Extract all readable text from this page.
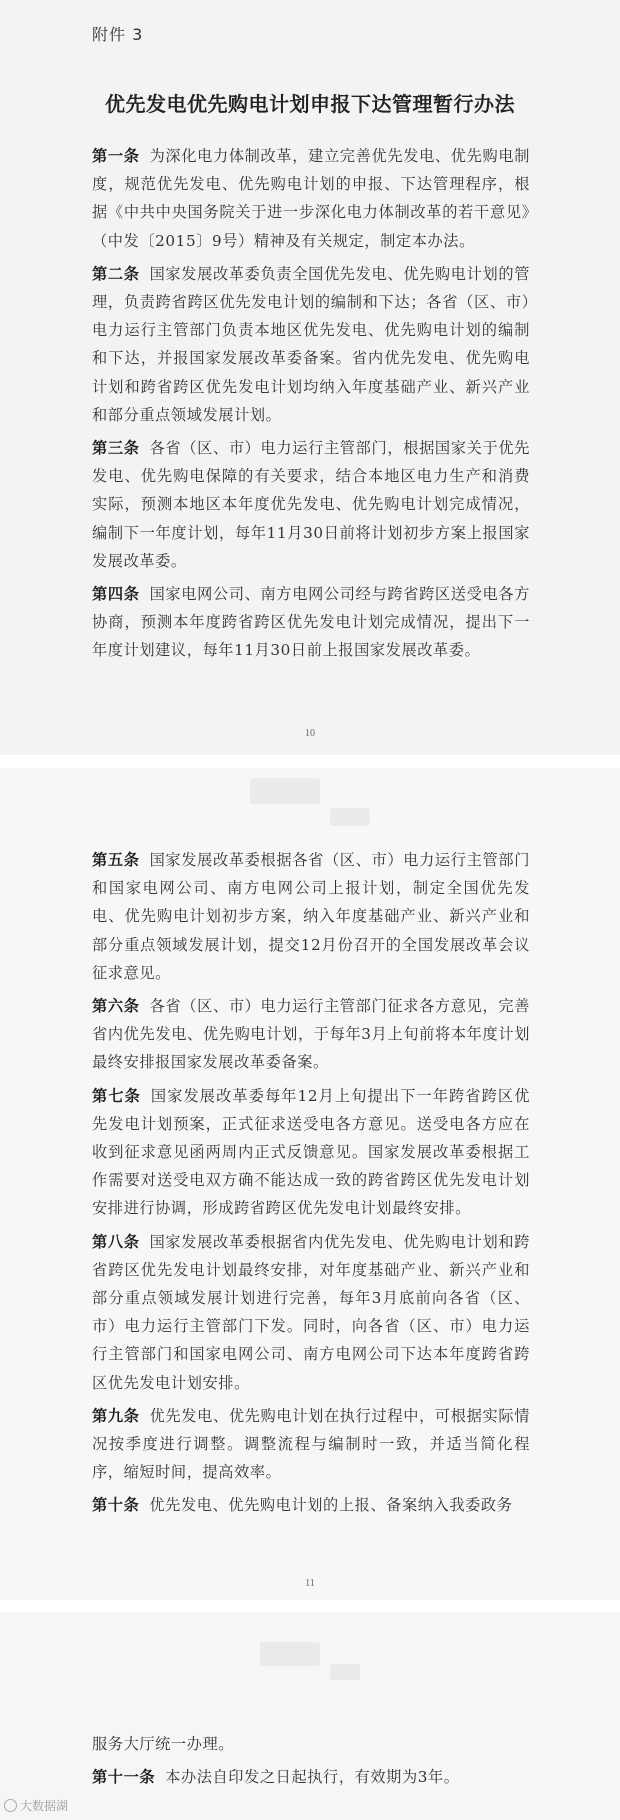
附件 3
优先发电优先购电计划申报下达管理暂行办法

第一条 为深化电力体制改革，建立完善优先发电、优先购电制度，规范优先发电、优先购电计划的申报、下达管理程序，根据《中共中央国务院关于进一步深化电力体制改革的若干意见》（中发〔2015〕9号）精神及有关规定，制定本办法。

第二条 国家发展改革委负责全国优先发电、优先购电计划的管理，负责跨省跨区优先发电计划的编制和下达；各省（区、市）电力运行主管部门负责本地区优先发电、优先购电计划的编制和下达，并报国家发展改革委备案。省内优先发电、优先购电计划和跨省跨区优先发电计划均纳入年度基础产业、新兴产业和部分重点领域发展计划。

第三条 各省（区、市）电力运行主管部门，根据国家关于优先发电、优先购电保障的有关要求，结合本地区电力生产和消费实际，预测本地区本年度优先发电、优先购电计划完成情况，编制下一年度计划，每年11月30日前将计划初步方案上报国家发展改革委。

第四条 国家电网公司、南方电网公司经与跨省跨区送受电各方协商，预测本年度跨省跨区优先发电计划完成情况，提出下一年度计划建议，每年11月30日前上报国家发展改革委。

10

第五条 国家发展改革委根据各省（区、市）电力运行主管部门和国家电网公司、南方电网公司上报计划，制定全国优先发电、优先购电计划初步方案，纳入年度基础产业、新兴产业和部分重点领域发展计划，提交12月份召开的全国发展改革会议征求意见。

第六条 各省（区、市）电力运行主管部门征求各方意见，完善省内优先发电、优先购电计划，于每年3月上旬前将本年度计划最终安排报国家发展改革委备案。

第七条 国家发展改革委每年12月上旬提出下一年跨省跨区优先发电计划预案，正式征求送受电各方意见。送受电各方应在收到征求意见函两周内正式反馈意见。国家发展改革委根据工作需要对送受电双方确不能达成一致的跨省跨区优先发电计划安排进行协调，形成跨省跨区优先发电计划最终安排。

第八条 国家发展改革委根据省内优先发电、优先购电计划和跨省跨区优先发电计划最终安排，对年度基础产业、新兴产业和部分重点领域发展计划进行完善，每年3月底前向各省（区、市）电力运行主管部门下发。同时，向各省（区、市）电力运行主管部门和国家电网公司、南方电网公司下达本年度跨省跨区优先发电计划安排。

第九条 优先发电、优先购电计划在执行过程中，可根据实际情况按季度进行调整。调整流程与编制时一致，并适当简化程序，缩短时间，提高效率。

第十条 优先发电、优先购电计划的上报、备案纳入我委政务

11

服务大厅统一办理。

第十一条 本办法自印发之日起执行，有效期为3年。

大数据湖
